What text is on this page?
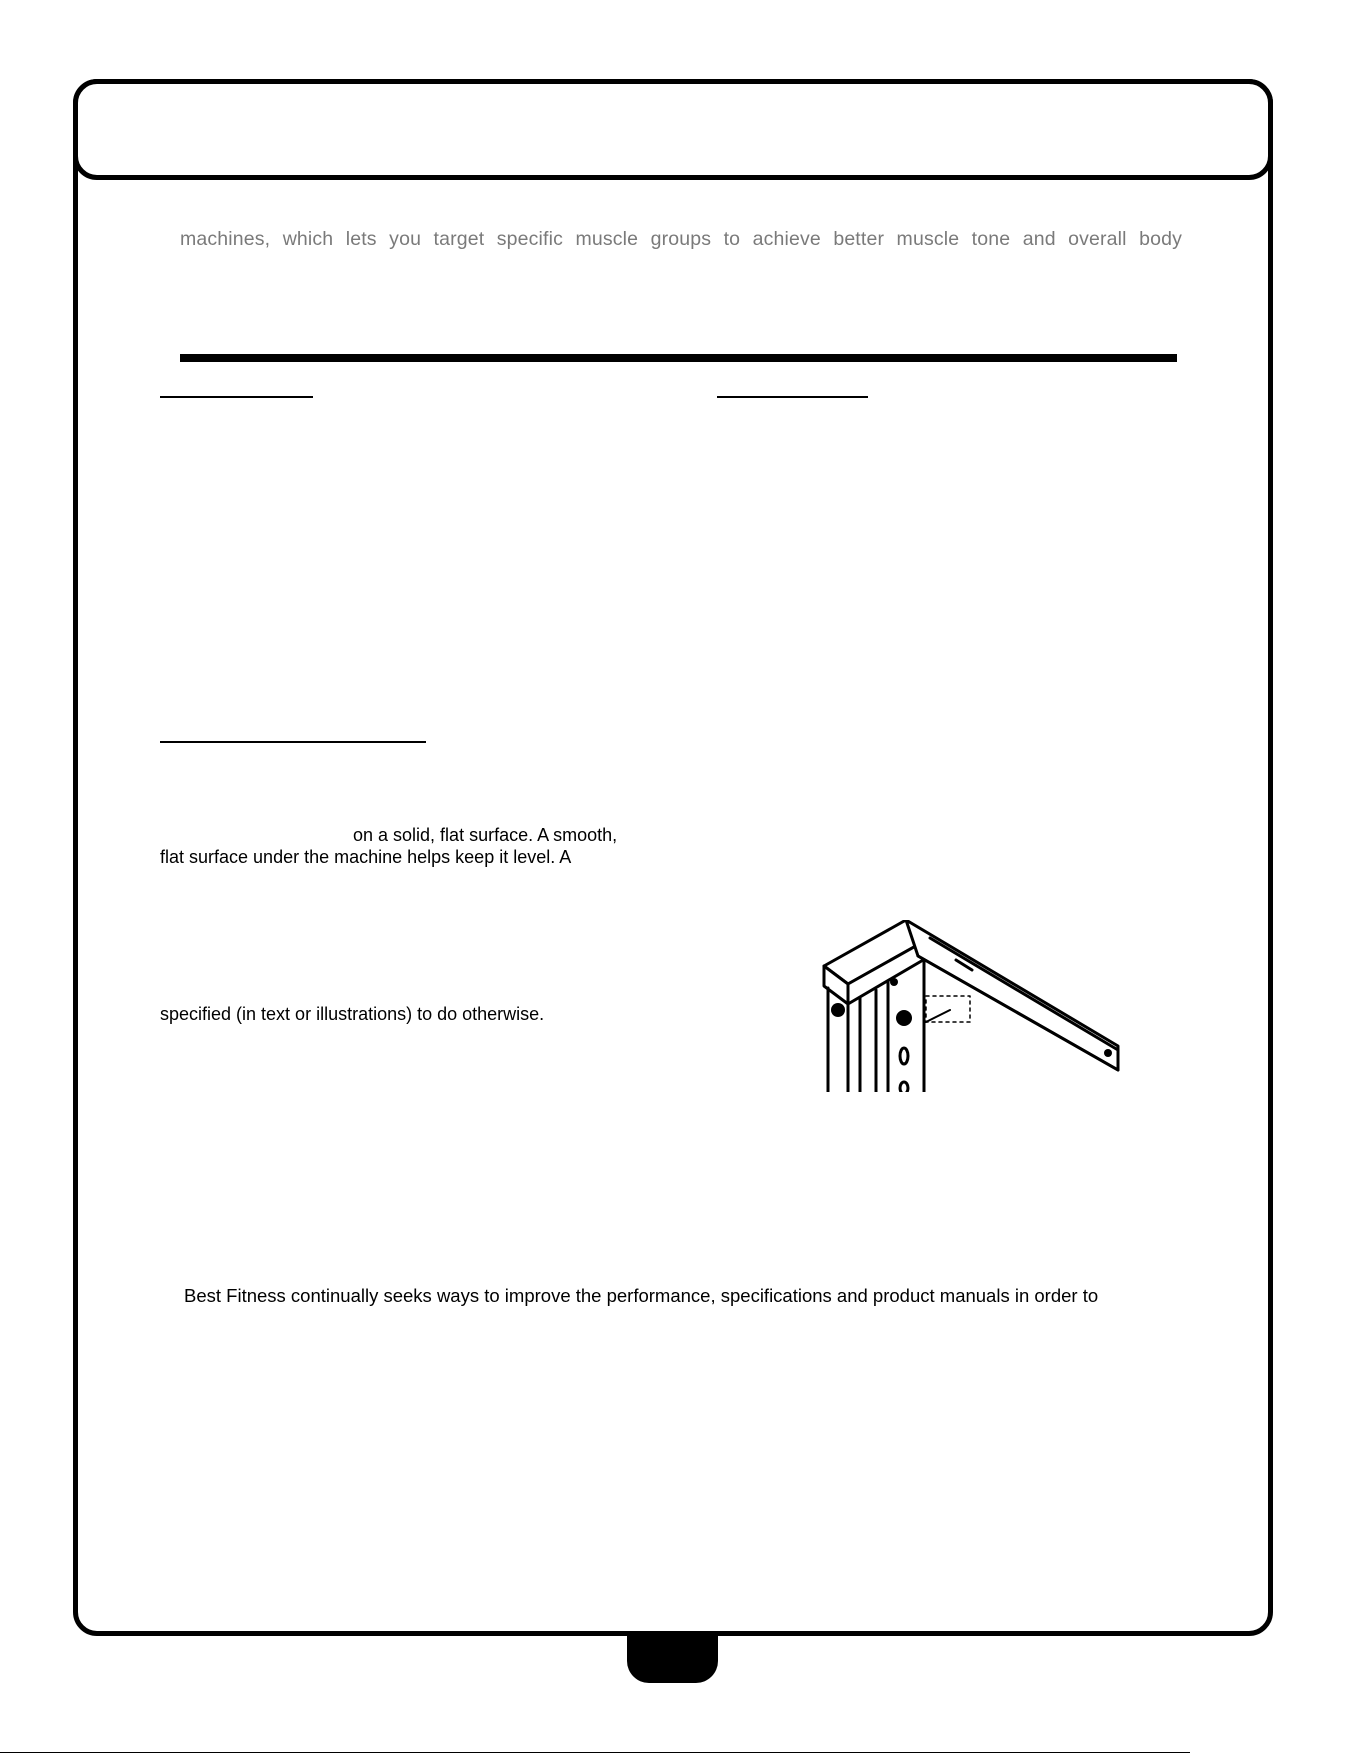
machines, which lets you target specific muscle groups to achieve better muscle tone and overall body
on a solid, flat surface. A smooth,
flat surface under the machine helps keep it level. A
specified (in text or illustrations) to do otherwise.
Best Fitness continually seeks ways to improve the performance, specifications and product manuals in order to
